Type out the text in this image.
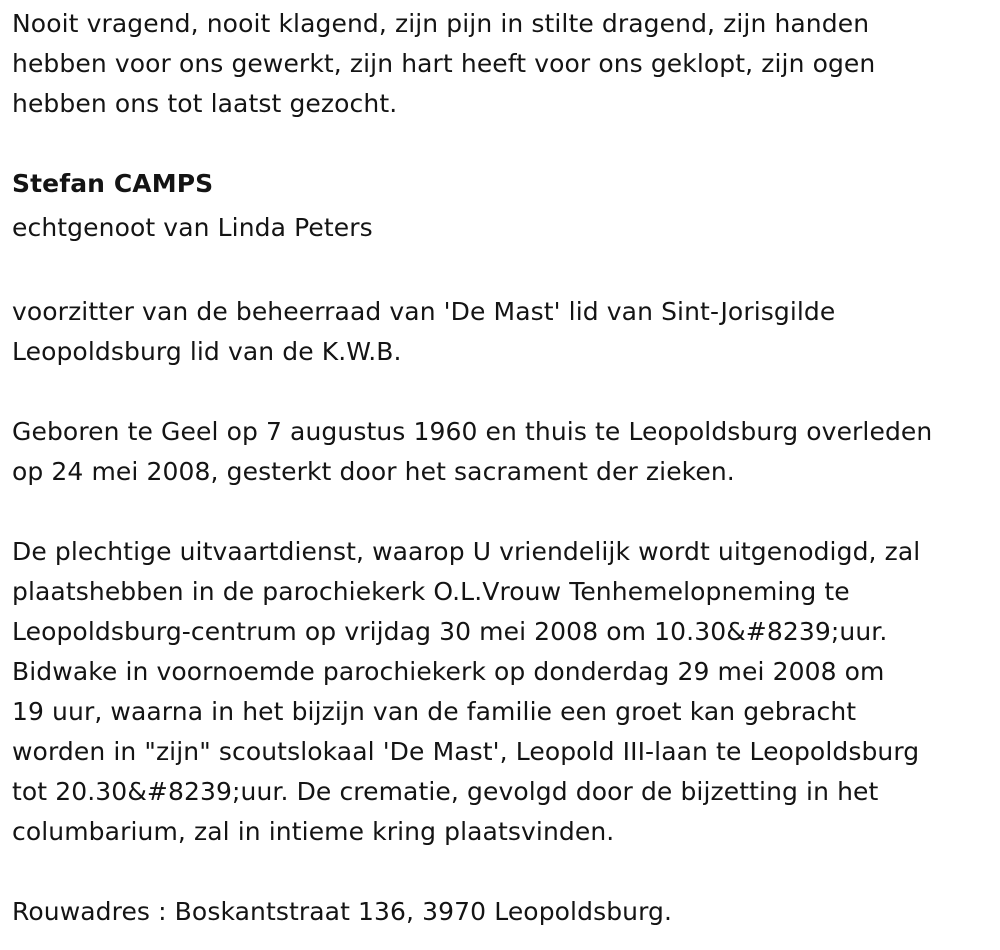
Nooit vragend, nooit klagend, zijn pijn in stilte dragend, zijn handen
hebben voor ons gewerkt, zijn hart heeft voor ons geklopt, zijn ogen
hebben ons tot laatst gezocht.

Stefan CAMPS
echtgenoot van Linda Peters

voorzitter van de beheerraad van 'De Mast' lid van Sint-Jorisgilde
Leopoldsburg lid van de K.W.B.

Geboren te Geel op 7 augustus 1960 en thuis te Leopoldsburg overleden
op 24 mei 2008, gesterkt door het sacrament der zieken.

De plechtige uitvaartdienst, waarop U vriendelijk wordt uitgenodigd, zal
plaatshebben in de parochiekerk O.L.Vrouw Tenhemelopneming te
Leopoldsburg-centrum op vrijdag 30 mei 2008 om 10.30&#8239;uur.
Bidwake in voornoemde parochiekerk op donderdag 29 mei 2008 om
19 uur, waarna in het bijzijn van de familie een groet kan gebracht
worden in "zijn" scoutslokaal 'De Mast', Leopold III-laan te Leopoldsburg
tot 20.30&#8239;uur. De crematie, gevolgd door de bijzetting in het
columbarium, zal in intieme kring plaatsvinden.

Rouwadres : Boskantstraat 136, 3970 Leopoldsburg.
